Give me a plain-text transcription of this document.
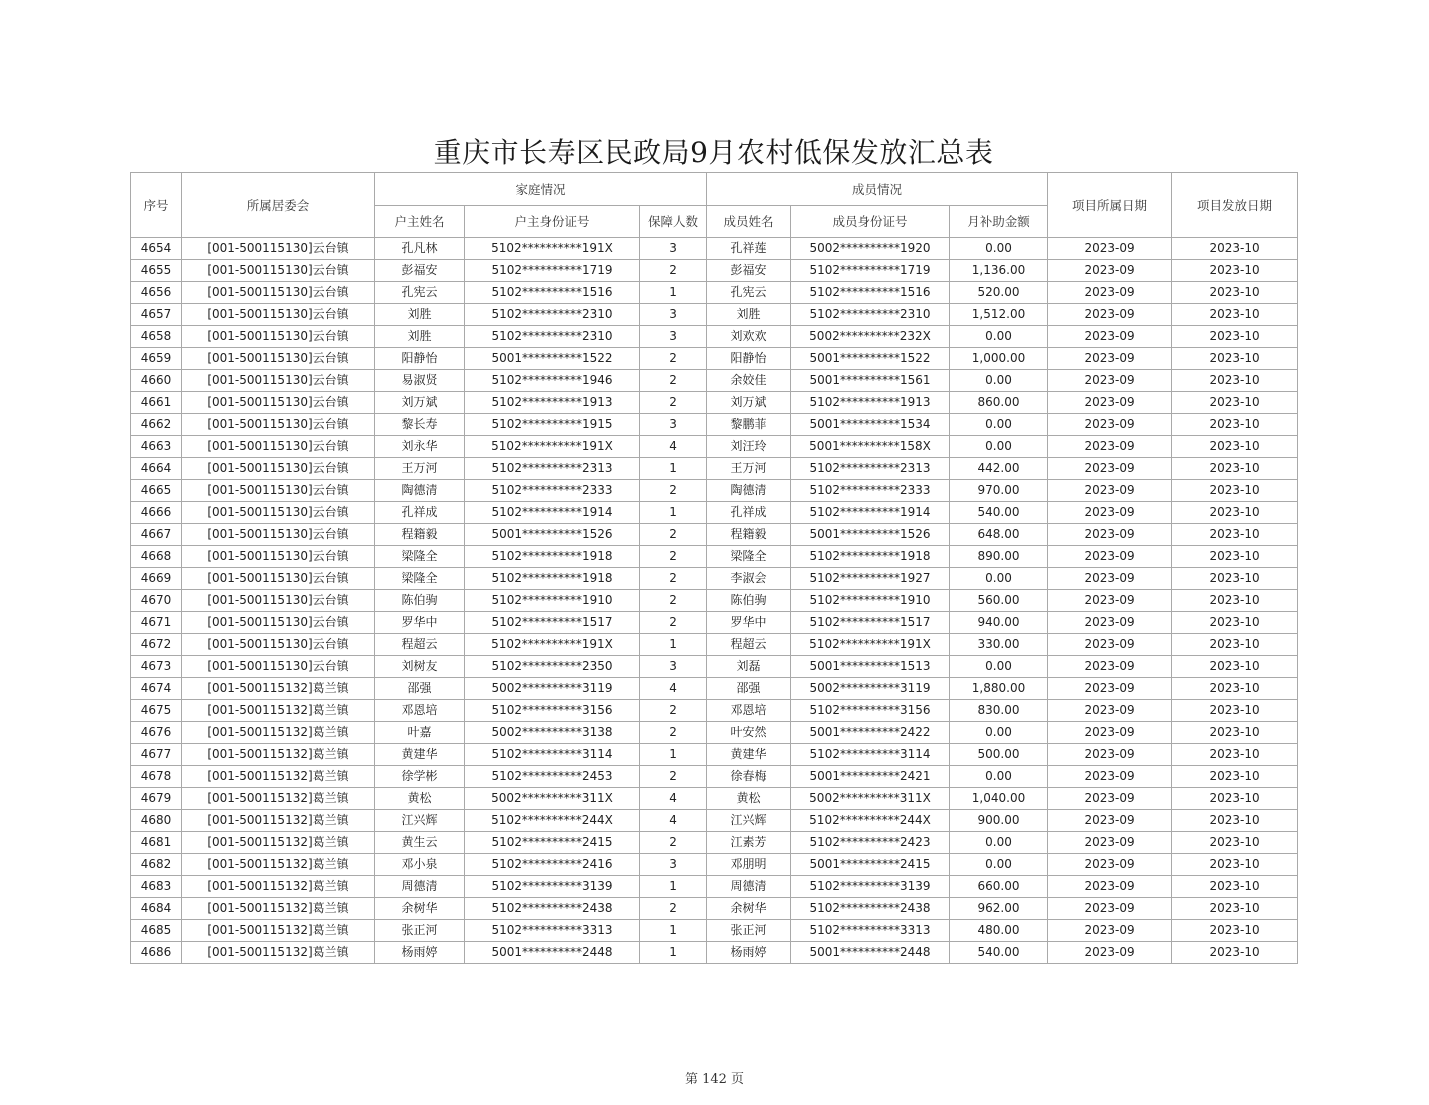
重庆市长寿区民政局9月农村低保发放汇总表
序号	所属居委会	家庭情况			成员情况			项目所属日期	项目发放日期
		户主姓名	户主身份证号	保障人数	成员姓名	成员身份证号	月补助金额		
4654	[001-500115130]云台镇	孔凡林	5102**********191X	3	孔祥莲	5002**********1920	0.00	2023-09	2023-10
4655	[001-500115130]云台镇	彭福安	5102**********1719	2	彭福安	5102**********1719	1,136.00	2023-09	2023-10
4656	[001-500115130]云台镇	孔宪云	5102**********1516	1	孔宪云	5102**********1516	520.00	2023-09	2023-10
4657	[001-500115130]云台镇	刘胜	5102**********2310	3	刘胜	5102**********2310	1,512.00	2023-09	2023-10
4658	[001-500115130]云台镇	刘胜	5102**********2310	3	刘欢欢	5002**********232X	0.00	2023-09	2023-10
4659	[001-500115130]云台镇	阳静怡	5001**********1522	2	阳静怡	5001**********1522	1,000.00	2023-09	2023-10
4660	[001-500115130]云台镇	易淑贤	5102**********1946	2	余姣佳	5001**********1561	0.00	2023-09	2023-10
4661	[001-500115130]云台镇	刘万斌	5102**********1913	2	刘万斌	5102**********1913	860.00	2023-09	2023-10
4662	[001-500115130]云台镇	黎长寿	5102**********1915	3	黎鹏菲	5001**********1534	0.00	2023-09	2023-10
4663	[001-500115130]云台镇	刘永华	5102**********191X	4	刘汪玲	5001**********158X	0.00	2023-09	2023-10
4664	[001-500115130]云台镇	王万河	5102**********2313	1	王万河	5102**********2313	442.00	2023-09	2023-10
4665	[001-500115130]云台镇	陶德清	5102**********2333	2	陶德清	5102**********2333	970.00	2023-09	2023-10
4666	[001-500115130]云台镇	孔祥成	5102**********1914	1	孔祥成	5102**********1914	540.00	2023-09	2023-10
4667	[001-500115130]云台镇	程籍毅	5001**********1526	2	程籍毅	5001**********1526	648.00	2023-09	2023-10
4668	[001-500115130]云台镇	梁隆全	5102**********1918	2	梁隆全	5102**********1918	890.00	2023-09	2023-10
4669	[001-500115130]云台镇	梁隆全	5102**********1918	2	李淑会	5102**********1927	0.00	2023-09	2023-10
4670	[001-500115130]云台镇	陈伯驹	5102**********1910	2	陈伯驹	5102**********1910	560.00	2023-09	2023-10
4671	[001-500115130]云台镇	罗华中	5102**********1517	2	罗华中	5102**********1517	940.00	2023-09	2023-10
4672	[001-500115130]云台镇	程超云	5102**********191X	1	程超云	5102**********191X	330.00	2023-09	2023-10
4673	[001-500115130]云台镇	刘树友	5102**********2350	3	刘磊	5001**********1513	0.00	2023-09	2023-10
4674	[001-500115132]葛兰镇	邵强	5002**********3119	4	邵强	5002**********3119	1,880.00	2023-09	2023-10
4675	[001-500115132]葛兰镇	邓恩培	5102**********3156	2	邓恩培	5102**********3156	830.00	2023-09	2023-10
4676	[001-500115132]葛兰镇	叶嘉	5002**********3138	2	叶安然	5001**********2422	0.00	2023-09	2023-10
4677	[001-500115132]葛兰镇	黄建华	5102**********3114	1	黄建华	5102**********3114	500.00	2023-09	2023-10
4678	[001-500115132]葛兰镇	徐学彬	5102**********2453	2	徐春梅	5001**********2421	0.00	2023-09	2023-10
4679	[001-500115132]葛兰镇	黄松	5002**********311X	4	黄松	5002**********311X	1,040.00	2023-09	2023-10
4680	[001-500115132]葛兰镇	江兴辉	5102**********244X	4	江兴辉	5102**********244X	900.00	2023-09	2023-10
4681	[001-500115132]葛兰镇	黄生云	5102**********2415	2	江素芳	5102**********2423	0.00	2023-09	2023-10
4682	[001-500115132]葛兰镇	邓小泉	5102**********2416	3	邓朋明	5001**********2415	0.00	2023-09	2023-10
4683	[001-500115132]葛兰镇	周德清	5102**********3139	1	周德清	5102**********3139	660.00	2023-09	2023-10
4684	[001-500115132]葛兰镇	余树华	5102**********2438	2	余树华	5102**********2438	962.00	2023-09	2023-10
4685	[001-500115132]葛兰镇	张正河	5102**********3313	1	张正河	5102**********3313	480.00	2023-09	2023-10
4686	[001-500115132]葛兰镇	杨雨婷	5001**********2448	1	杨雨婷	5001**********2448	540.00	2023-09	2023-10
第 142 页
